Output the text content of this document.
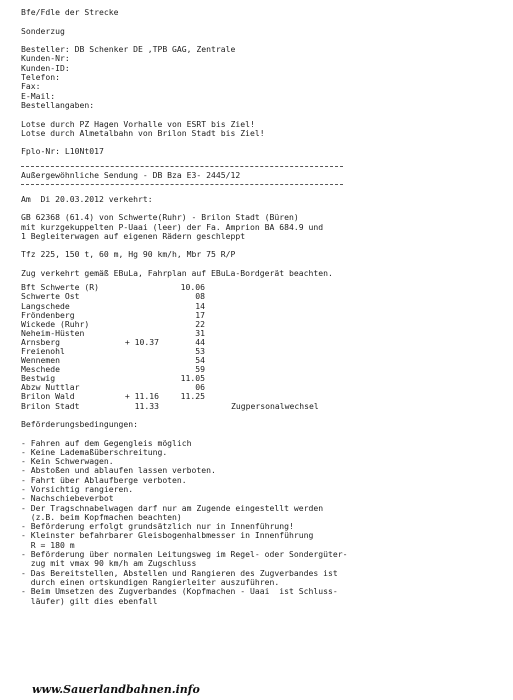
Bfe/Fdle der Strecke
Sonderzug
Besteller: DB Schenker DE ,TPB GAG, Zentrale
Kunden-Nr:
Kunden-ID:
Telefon:
Fax:
E-Mail:
Bestellangaben:
Lotse durch PZ Hagen Vorhalle von ESRT bis Ziel!
Lotse durch Almetalbahn von Brilon Stadt bis Ziel!
Fplo-Nr: L10Nt017
Außergewöhnliche Sendung - DB Bza E3- 2445/12
Am  Di 20.03.2012 verkehrt:
GB 62368 (61.4) von Schwerte(Ruhr) - Brilon Stadt (Büren)
mit kurzgekuppelten P-Uaai (leer) der Fa. Amprion BA 684.9 und
1 Begleiterwagen auf eigenen Rädern geschleppt
Tfz 225, 150 t, 60 m, Hg 90 km/h, Mbr 75 R/P
Zug verkehrt gemäß EBuLa, Fahrplan auf EBuLa-Bordgerät beachten.
Bft Schwerte (R)		10.06	
Schwerte Ost		08	
Langschede		14	
Fröndenberg		17	
Wickede (Ruhr)		22	
Neheim-Hüsten		31	
Arnsberg	+ 10.37	44	
Freienohl		53	
Wennemen		54	
Meschede		59	
Bestwig		11.05	
Abzw Nuttlar		06	
Brilon Wald	+ 11.16	11.25	
Brilon Stadt	11.33		Zugpersonalwechsel
Beförderungsbedingungen:
- Fahren auf dem Gegengleis möglich
- Keine Lademaßüberschreitung.
- Kein Schwerwagen.
- Abstoßen und ablaufen lassen verboten.
- Fahrt über Ablaufberge verboten.
- Vorsichtig rangieren.
- Nachschiebeverbot
- Der Tragschnabelwagen darf nur am Zugende eingestellt werden
(z.B. beim Kopfmachen beachten)
- Beförderung erfolgt grundsätzlich nur in Innenführung!
- Kleinster befahrbarer Gleisbogenhalbmesser in Innenführung
R = 180 m
- Beförderung über normalen Leitungsweg im Regel- oder Sondergüter-
zug mit vmax 90 km/h am Zugschluss
- Das Bereitstellen, Abstellen und Rangieren des Zugverbandes ist
durch einen ortskundigen Rangierleiter auszuführen.
- Beim Umsetzen des Zugverbandes (Kopfmachen - Uaai  ist Schluss-
läufer) gilt dies ebenfall
www.Sauerlandbahnen.info
